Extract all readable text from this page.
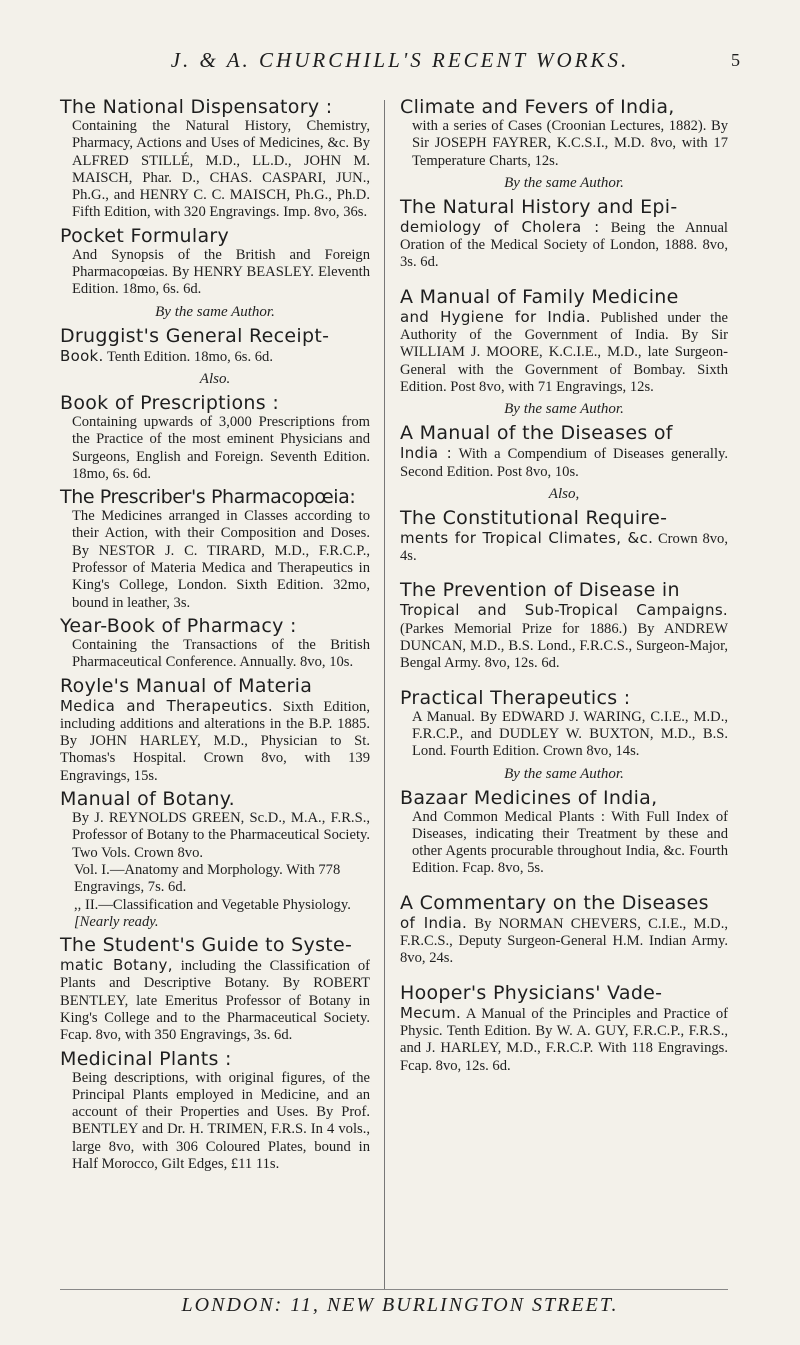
J. & A. CHURCHILL'S RECENT WORKS.	5

The National Dispensatory :

Containing the Natural History, Chemistry, Pharmacy, Actions and Uses of Medicines, &c. By ALFRED STILLÉ, M.D., LL.D., JOHN M. MAISCH, Phar. D., CHAS. CASPARI, JUN., Ph.G., and HENRY C. C. MAISCH, Ph.G., Ph.D. Fifth Edition, with 320 Engravings. Imp. 8vo, 36s.

Pocket Formulary

And Synopsis of the British and Foreign Pharmacopœias. By HENRY BEASLEY. Eleventh Edition. 18mo, 6s. 6d.

By the same Author.

Druggist's General Receipt-

Book. Tenth Edition. 18mo, 6s. 6d.

Also.

Book of Prescriptions :

Containing upwards of 3,000 Prescriptions from the Practice of the most eminent Physicians and Surgeons, English and Foreign. Seventh Edition. 18mo, 6s. 6d.

The Prescriber's Pharmacopœia:

The Medicines arranged in Classes according to their Action, with their Composition and Doses. By NESTOR J. C. TIRARD, M.D., F.R.C.P., Professor of Materia Medica and Therapeutics in King's College, London. Sixth Edition. 32mo, bound in leather, 3s.

Year-Book of Pharmacy :

Containing the Transactions of the British Pharmaceutical Conference. Annually. 8vo, 10s.

Royle's Manual of Materia

Medica and Therapeutics. Sixth Edition, including additions and alterations in the B.P. 1885. By JOHN HARLEY, M.D., Physician to St. Thomas's Hospital. Crown 8vo, with 139 Engravings, 15s.

Manual of Botany.

By J. REYNOLDS GREEN, Sc.D., M.A., F.R.S., Professor of Botany to the Pharmaceutical Society. Two Vols. Crown 8vo.

Vol. I.—Anatomy and Morphology. With 778 Engravings, 7s. 6d.
,, II.—Classification and Vegetable Physiology. [Nearly ready.

The Student's Guide to Syste-

matic Botany, including the Classification of Plants and Descriptive Botany. By ROBERT BENTLEY, late Emeritus Professor of Botany in King's College and to the Pharmaceutical Society. Fcap. 8vo, with 350 Engravings, 3s. 6d.

Medicinal Plants :

Being descriptions, with original figures, of the Principal Plants employed in Medicine, and an account of their Properties and Uses. By Prof. BENTLEY and Dr. H. TRIMEN, F.R.S. In 4 vols., large 8vo, with 306 Coloured Plates, bound in Half Morocco, Gilt Edges, £11 11s.

Climate and Fevers of India,

with a series of Cases (Croonian Lectures, 1882). By Sir JOSEPH FAYRER, K.C.S.I., M.D. 8vo, with 17 Temperature Charts, 12s.

By the same Author.

The Natural History and Epi-

demiology of Cholera : Being the Annual Oration of the Medical Society of London, 1888. 8vo, 3s. 6d.

A Manual of Family Medicine

and Hygiene for India. Published under the Authority of the Government of India. By Sir WILLIAM J. MOORE, K.C.I.E., M.D., late Surgeon-General with the Government of Bombay. Sixth Edition. Post 8vo, with 71 Engravings, 12s.

By the same Author.

A Manual of the Diseases of

India : With a Compendium of Diseases generally. Second Edition. Post 8vo, 10s.

Also,

The Constitutional Require-

ments for Tropical Climates, &c. Crown 8vo, 4s.

The Prevention of Disease in

Tropical and Sub-Tropical Campaigns. (Parkes Memorial Prize for 1886.) By ANDREW DUNCAN, M.D., B.S. Lond., F.R.C.S., Surgeon-Major, Bengal Army. 8vo, 12s. 6d.

Practical Therapeutics :

A Manual. By EDWARD J. WARING, C.I.E., M.D., F.R.C.P., and DUDLEY W. BUXTON, M.D., B.S. Lond. Fourth Edition. Crown 8vo, 14s.

By the same Author.

Bazaar Medicines of India,

And Common Medical Plants : With Full Index of Diseases, indicating their Treatment by these and other Agents procurable throughout India, &c. Fourth Edition. Fcap. 8vo, 5s.

A Commentary on the Diseases

of India. By NORMAN CHEVERS, C.I.E., M.D., F.R.C.S., Deputy Surgeon-General H.M. Indian Army. 8vo, 24s.

Hooper's Physicians' Vade-

Mecum. A Manual of the Principles and Practice of Physic. Tenth Edition. By W. A. GUY, F.R.C.P., F.R.S., and J. HARLEY, M.D., F.R.C.P. With 118 Engravings. Fcap. 8vo, 12s. 6d.

LONDON: 11, NEW BURLINGTON STREET.
